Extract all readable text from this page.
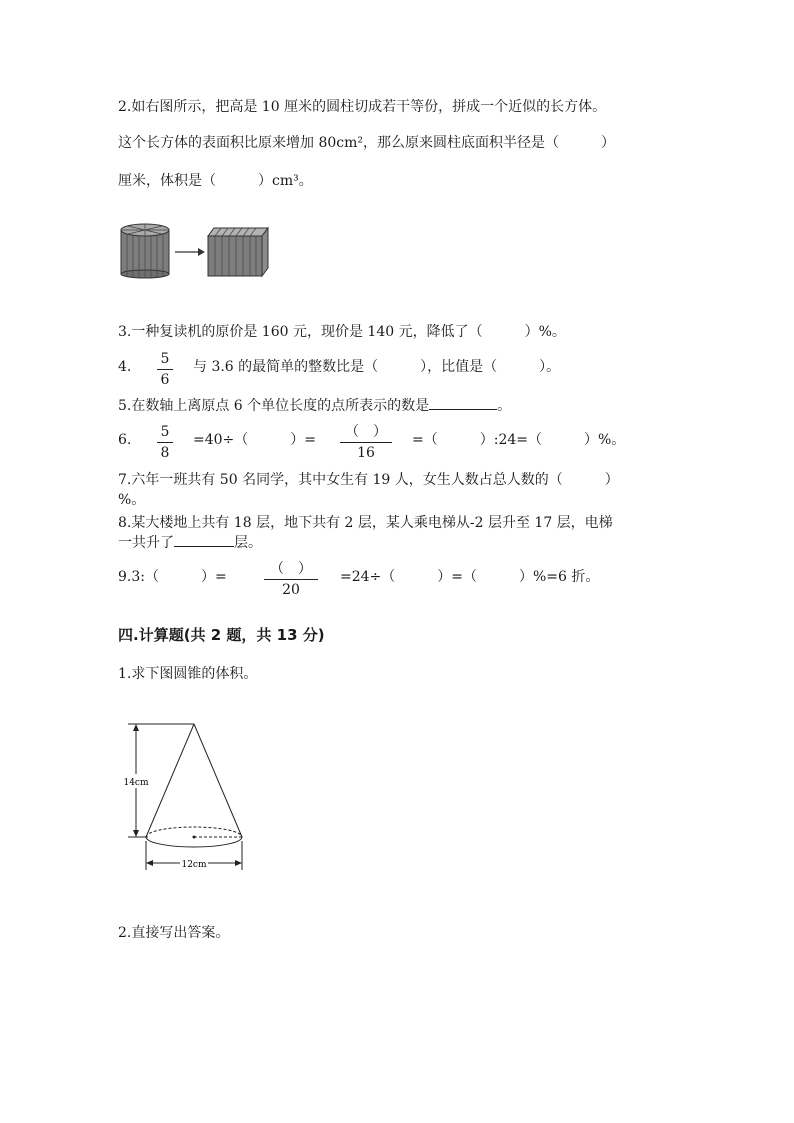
2.如右图所示，把高是 10 厘米的圆柱切成若干等份，拼成一个近似的长方体。
这个长方体的表面积比原来增加 80cm²，那么原来圆柱底面积半径是（　　　）
厘米，体积是（　　　）cm³。
3.一种复读机的原价是 160 元，现价是 140 元，降低了（　　　）%。
4. 5
6
与 3.6 的最简单的整数比是（　　　），比值是（　　　）。
5.在数轴上离原点 6 个单位长度的点所表示的数是	。
6. 5
8
=40÷（　　　）=	（　）
16
=（　　　）:24=（　　　）%。
7.六年一班共有 50 名同学，其中女生有 19 人，女生人数占总人数的（　　　）
%。
8.某大楼地上共有 18 层，地下共有 2 层，某人乘电梯从-2 层升至 17 层，电梯
一共升了	层。
9.3:（　　　）=	（　）
20
=24÷（　　　）=（　　　）%=6 折。
四.计算题(共 2 题，共 13 分)
1.求下图圆锥的体积。
14cm
12cm
2.直接写出答案。
